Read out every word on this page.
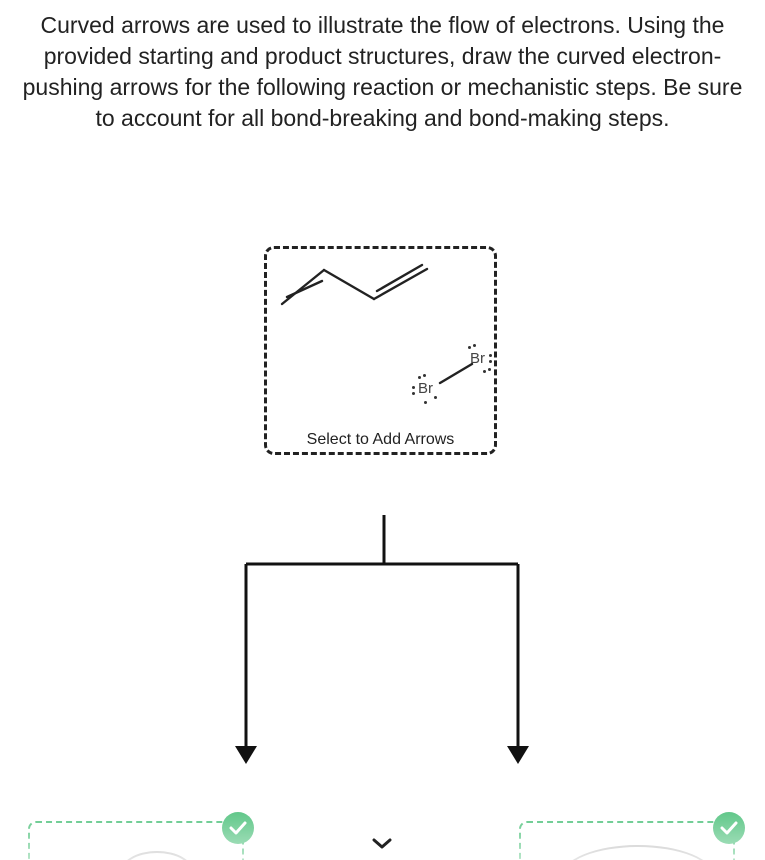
Curved arrows are used to illustrate the flow of electrons. Using the provided starting and product structures, draw the curved electron-pushing arrows for the following reaction or mechanistic steps. Be sure to account for all bond-breaking and bond-making steps.
Br
Br
Select to Add Arrows
